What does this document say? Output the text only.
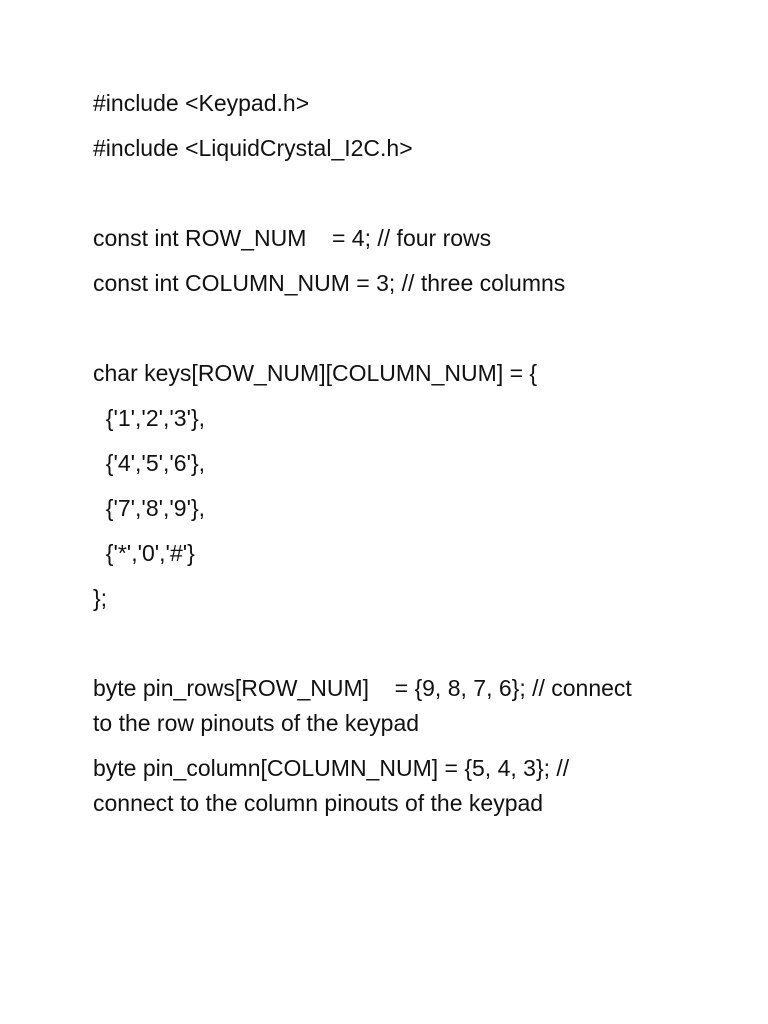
#include <Keypad.h>
#include <LiquidCrystal_I2C.h>
const int ROW_NUM    = 4; // four rows
const int COLUMN_NUM = 3; // three columns
char keys[ROW_NUM][COLUMN_NUM] = {
{'1','2','3'},
{'4','5','6'},
{'7','8','9'},
{'*','0','#'}
};
byte pin_rows[ROW_NUM]    = {9, 8, 7, 6}; // connect to the row pinouts of the keypad
byte pin_column[COLUMN_NUM] = {5, 4, 3}; // connect to the column pinouts of the keypad
